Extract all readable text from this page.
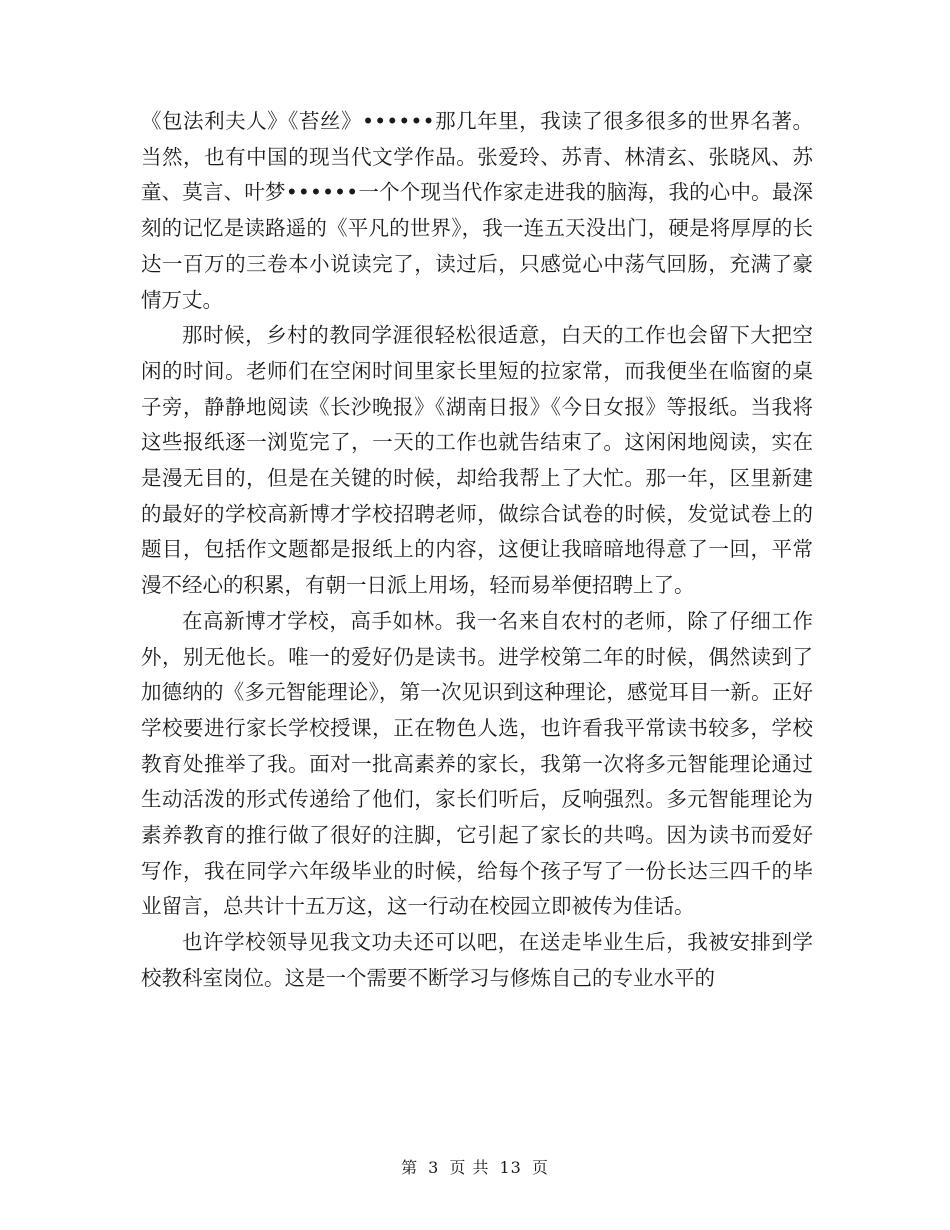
《包法利夫人》《苔丝》••••••那几年里，我读了很多很多的世界名著。当然，也有中国的现当代文学作品。张爱玲、苏青、林清玄、张晓风、苏童、莫言、叶梦••••••一个个现当代作家走进我的脑海，我的心中。最深刻的记忆是读路遥的《平凡的世界》，我一连五天没出门，硬是将厚厚的长达一百万的三卷本小说读完了，读过后，只感觉心中荡气回肠，充满了豪情万丈。

那时候，乡村的教同学涯很轻松很适意，白天的工作也会留下大把空闲的时间。老师们在空闲时间里家长里短的拉家常，而我便坐在临窗的桌子旁，静静地阅读《长沙晚报》《湖南日报》《今日女报》等报纸。当我将这些报纸逐一浏览完了，一天的工作也就告结束了。这闲闲地阅读，实在是漫无目的，但是在关键的时候，却给我帮上了大忙。那一年，区里新建的最好的学校高新博才学校招聘老师，做综合试卷的时候，发觉试卷上的题目，包括作文题都是报纸上的内容，这便让我暗暗地得意了一回，平常漫不经心的积累，有朝一日派上用场，轻而易举便招聘上了。

在高新博才学校，高手如林。我一名来自农村的老师，除了仔细工作外，别无他长。唯一的爱好仍是读书。进学校第二年的时候，偶然读到了加德纳的《多元智能理论》，第一次见识到这种理论，感觉耳目一新。正好学校要进行家长学校授课，正在物色人选，也许看我平常读书较多，学校教育处推举了我。面对一批高素养的家长，我第一次将多元智能理论通过生动活泼的形式传递给了他们，家长们听后，反响强烈。多元智能理论为素养教育的推行做了很好的注脚，它引起了家长的共鸣。因为读书而爱好写作，我在同学六年级毕业的时候，给每个孩子写了一份长达三四千的毕业留言，总共计十五万这，这一行动在校园立即被传为佳话。

也许学校领导见我文功夫还可以吧，在送走毕业生后，我被安排到学校教科室岗位。这是一个需要不断学习与修炼自己的专业水平的

第 3 页 共 13 页
